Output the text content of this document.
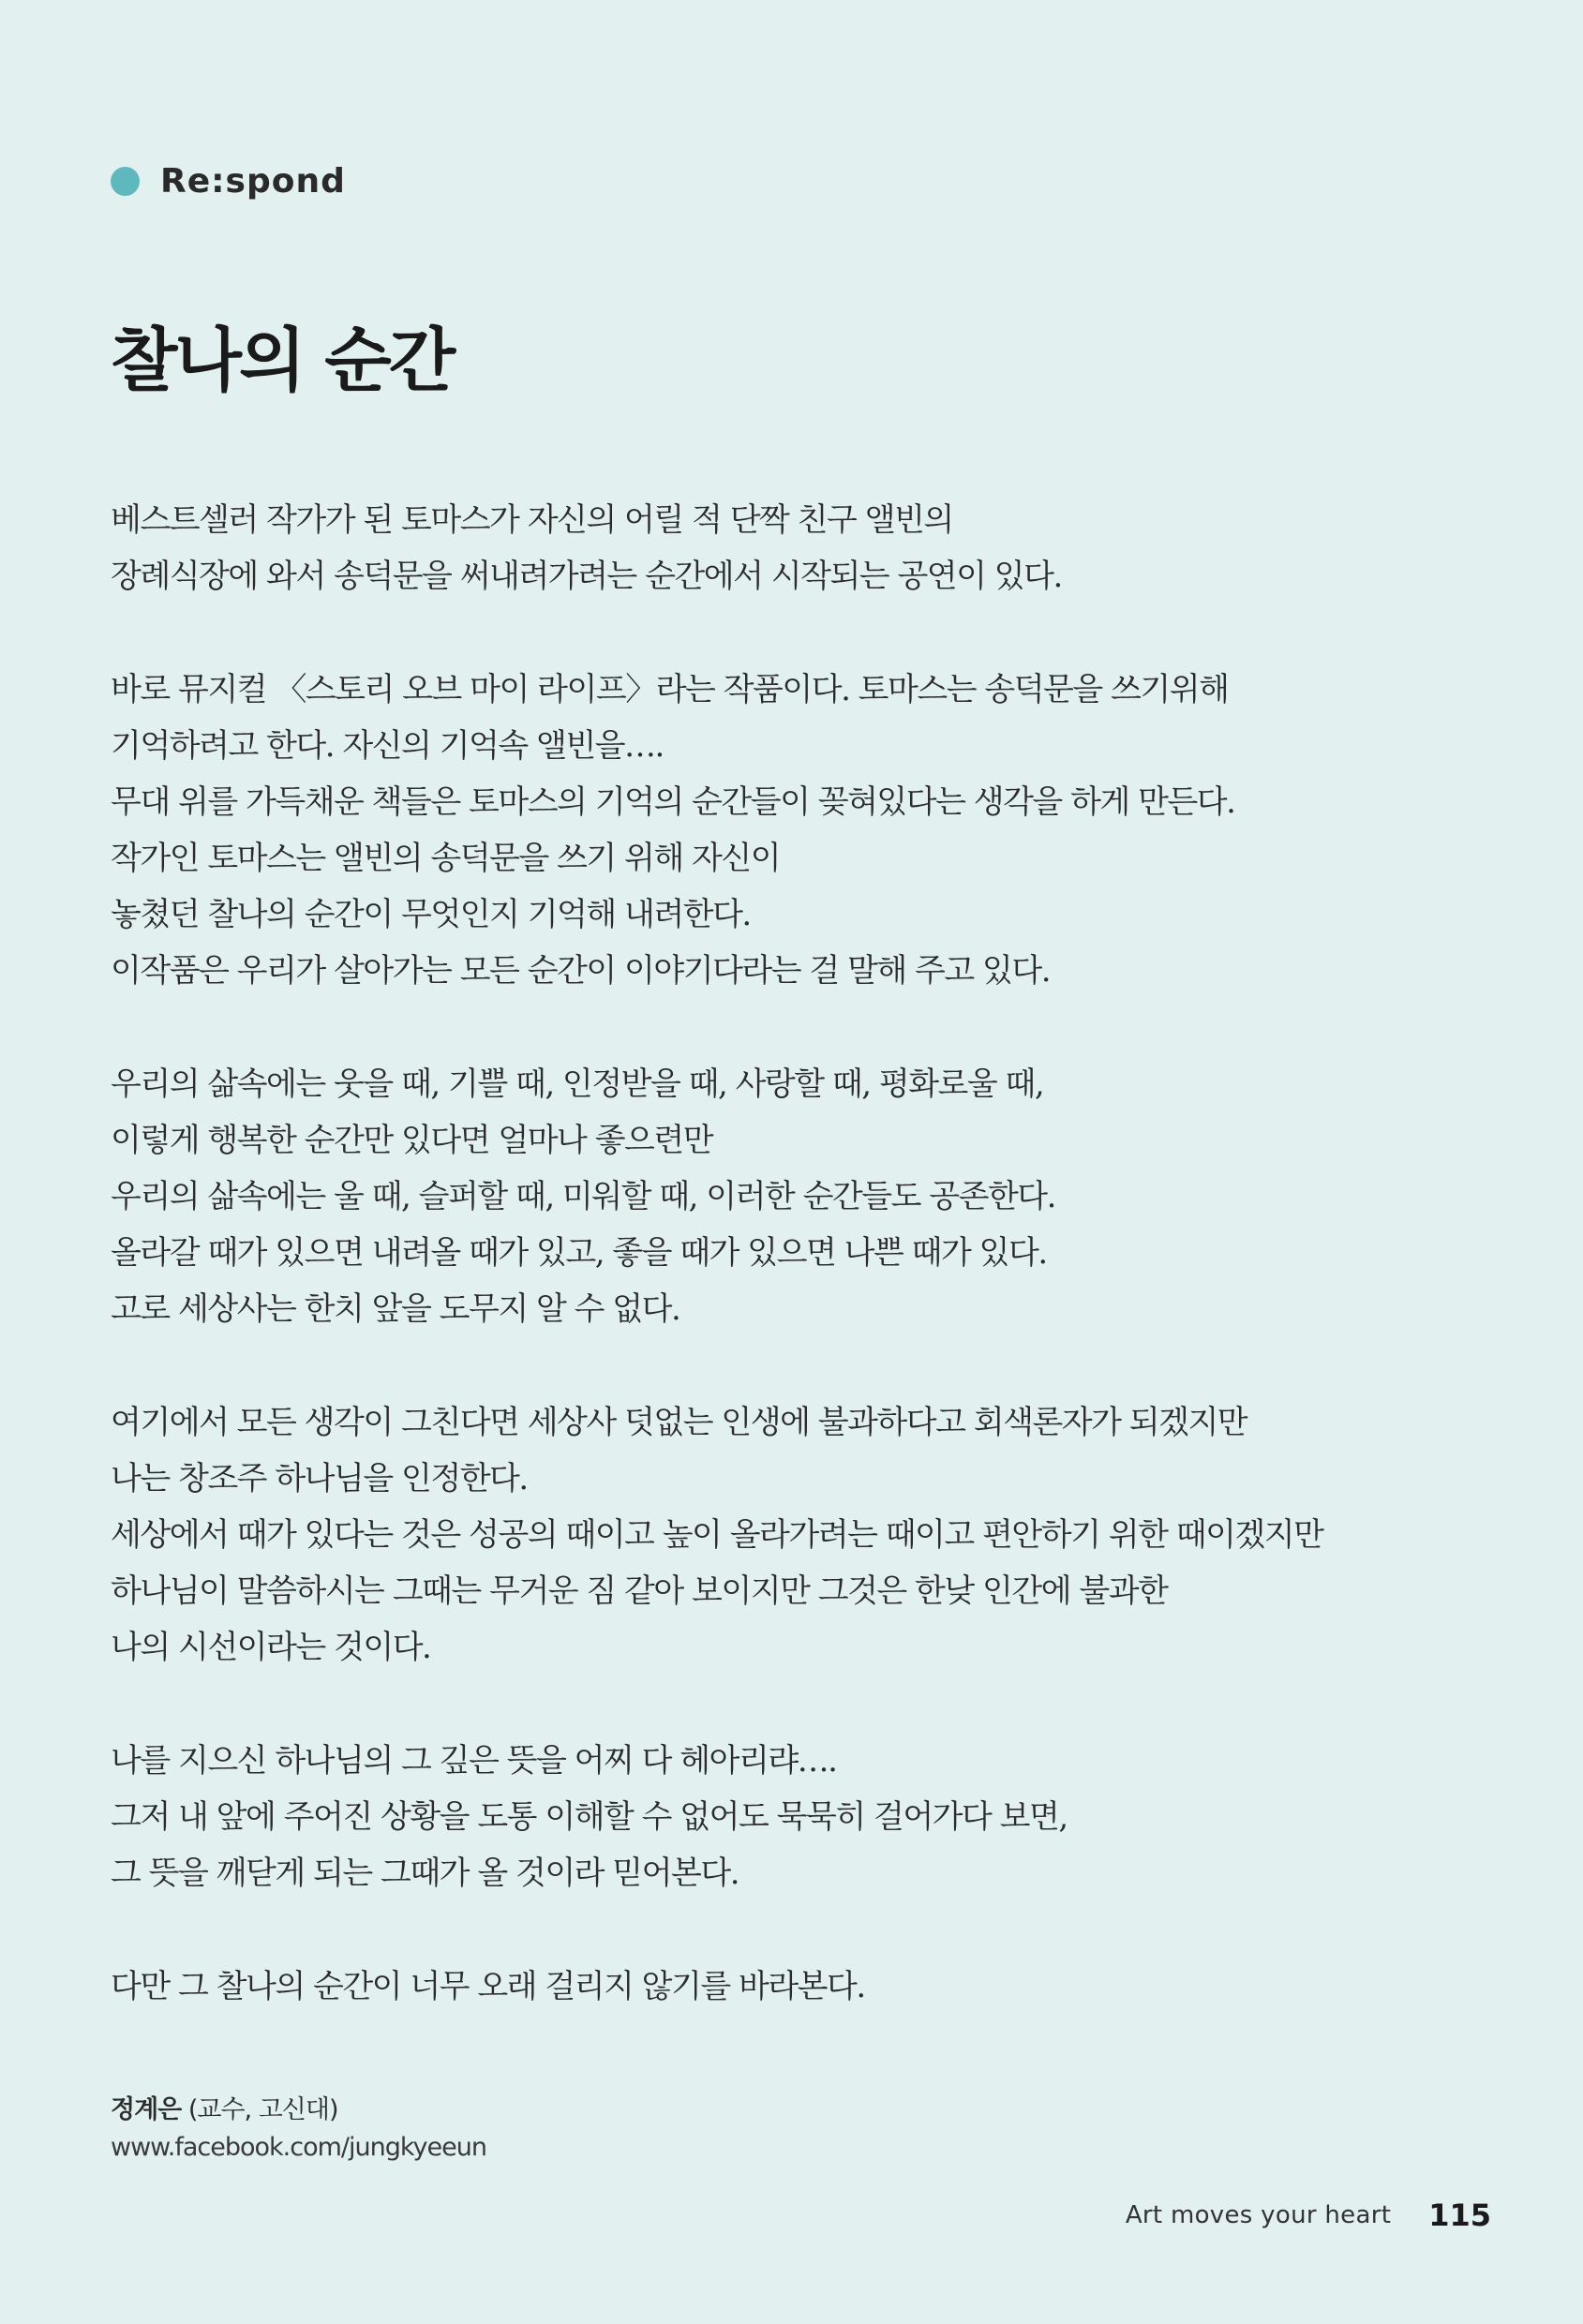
Re:spond
찰나의 순간

베스트셀러 작가가 된 토마스가 자신의 어릴 적 단짝 친구 앨빈의
장례식장에 와서 송덕문을 써내려가려는 순간에서 시작되는 공연이 있다.

바로 뮤지컬 〈스토리 오브 마이 라이프〉라는 작품이다. 토마스는 송덕문을 쓰기위해
기억하려고 한다. 자신의 기억속 앨빈을….
무대 위를 가득채운 책들은 토마스의 기억의 순간들이 꽂혀있다는 생각을 하게 만든다.
작가인 토마스는 앨빈의 송덕문을 쓰기 위해 자신이
놓쳤던 찰나의 순간이 무엇인지 기억해 내려한다.
이작품은 우리가 살아가는 모든 순간이 이야기다라는 걸 말해 주고 있다.

우리의 삶속에는 웃을 때, 기쁠 때, 인정받을 때, 사랑할 때, 평화로울 때,
이렇게 행복한 순간만 있다면 얼마나 좋으련만
우리의 삶속에는 울 때, 슬퍼할 때, 미워할 때, 이러한 순간들도 공존한다.
올라갈 때가 있으면 내려올 때가 있고, 좋을 때가 있으면 나쁜 때가 있다.
고로 세상사는 한치 앞을 도무지 알 수 없다.

여기에서 모든 생각이 그친다면 세상사 덧없는 인생에 불과하다고 회색론자가 되겠지만
나는 창조주 하나님을 인정한다.
세상에서 때가 있다는 것은 성공의 때이고 높이 올라가려는 때이고 편안하기 위한 때이겠지만
하나님이 말씀하시는 그때는 무거운 짐 같아 보이지만 그것은 한낮 인간에 불과한
나의 시선이라는 것이다.

나를 지으신 하나님의 그 깊은 뜻을 어찌 다 헤아리랴….
그저 내 앞에 주어진 상황을 도통 이해할 수 없어도 묵묵히 걸어가다 보면,
그 뜻을 깨닫게 되는 그때가 올 것이라 믿어본다.

다만 그 찰나의 순간이 너무 오래 걸리지 않기를 바라본다.

정계은 (교수, 고신대)
www.facebook.com/jungkyeeun
Art moves your heart 115
